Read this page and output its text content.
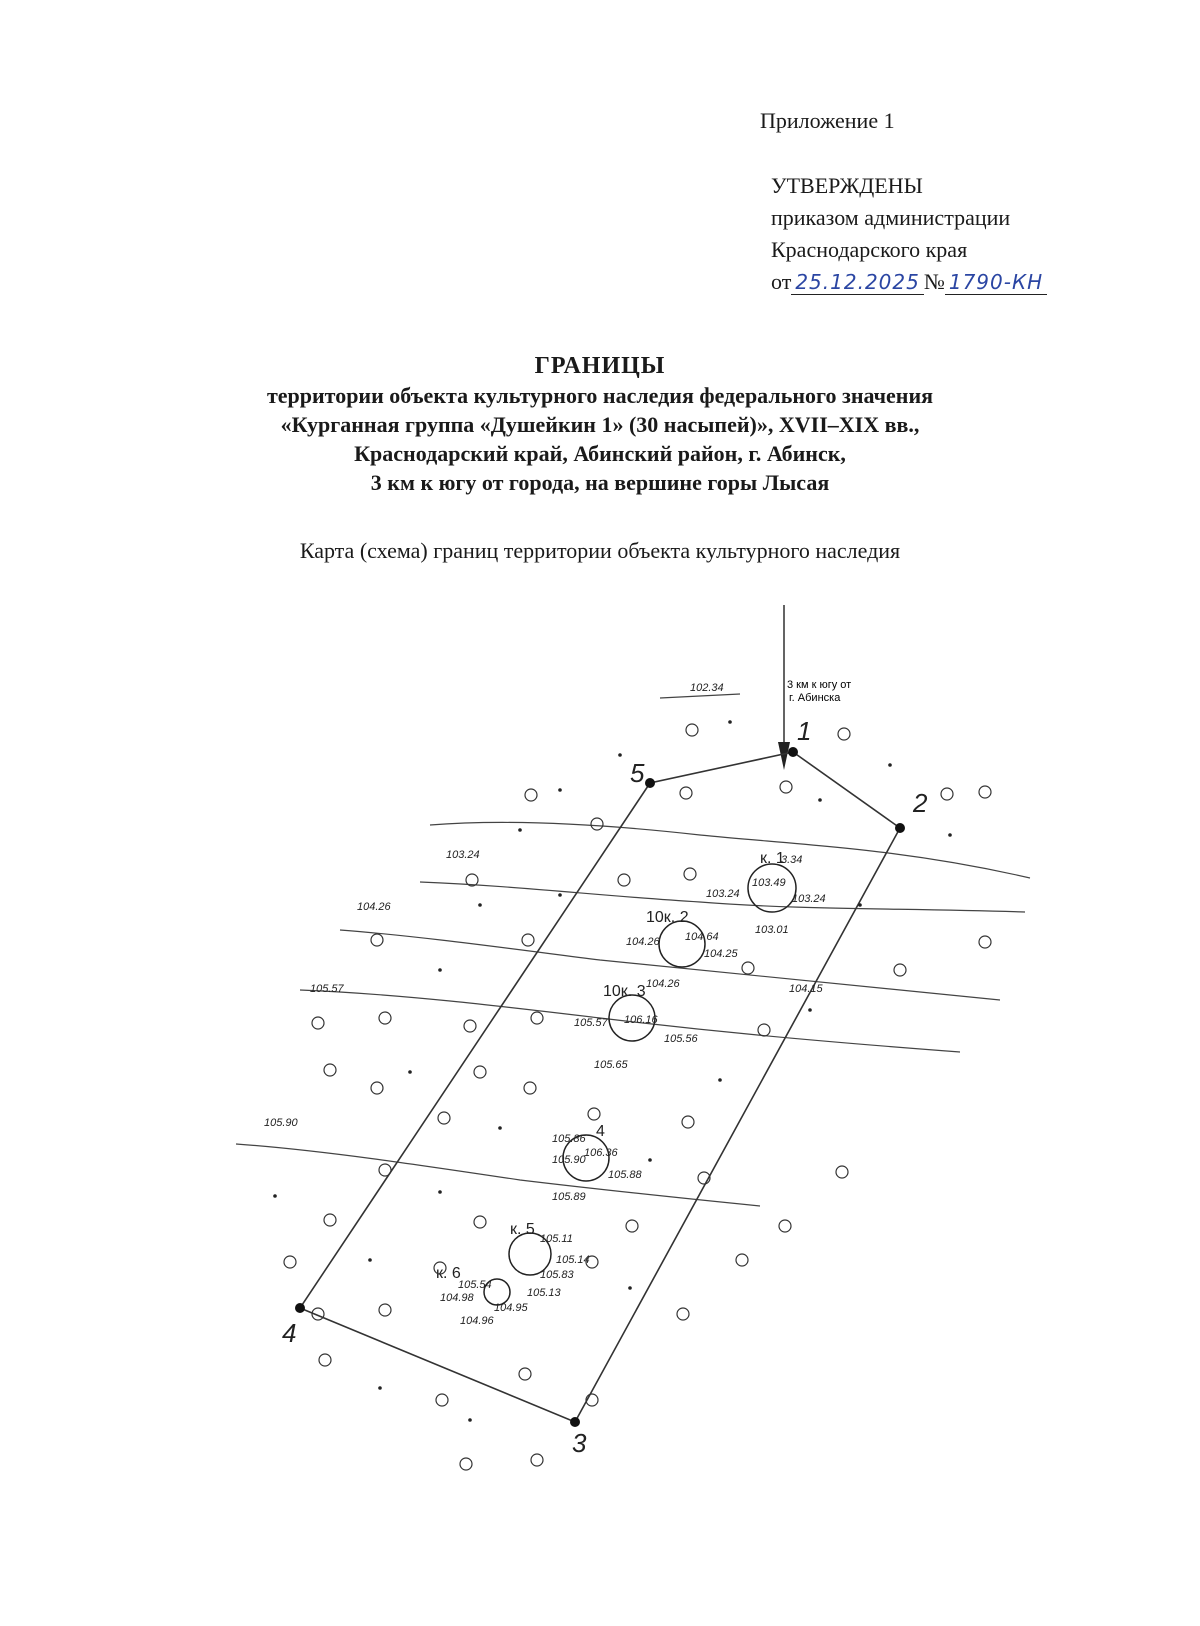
Приложение 1
УТВЕРЖДЕНЫ
приказом администрации
Краснодарского края
от 25.12.2025 № 1790-КН
ГРАНИЦЫ
территории объекта культурного наследия федерального значения
«Курганная группа «Душейкин 1» (30 насыпей)», XVII–XIX вв.,
Краснодарский край, Абинский район, г. Абинск,
3 км к югу от города, на вершине горы Лысая
Карта (схема) границ территории объекта культурного наследия
3 км к югу от
г. Абинска
1
2
3
4
5
к. 1
10к. 2
10к. 3
4
к. 5
к. 6
102.34
103.24
104.26
105.57
105.90
3.34
103.49
103.24	103.24
103.01
104.26 104.64
104.25
104.26	104.15
105.57 106.16
105.56
105.65
105.86
105.90
106.36
105.88
105.89
105.11
105.14
105.83
105.13
105.54
104.98
104.95
104.96
